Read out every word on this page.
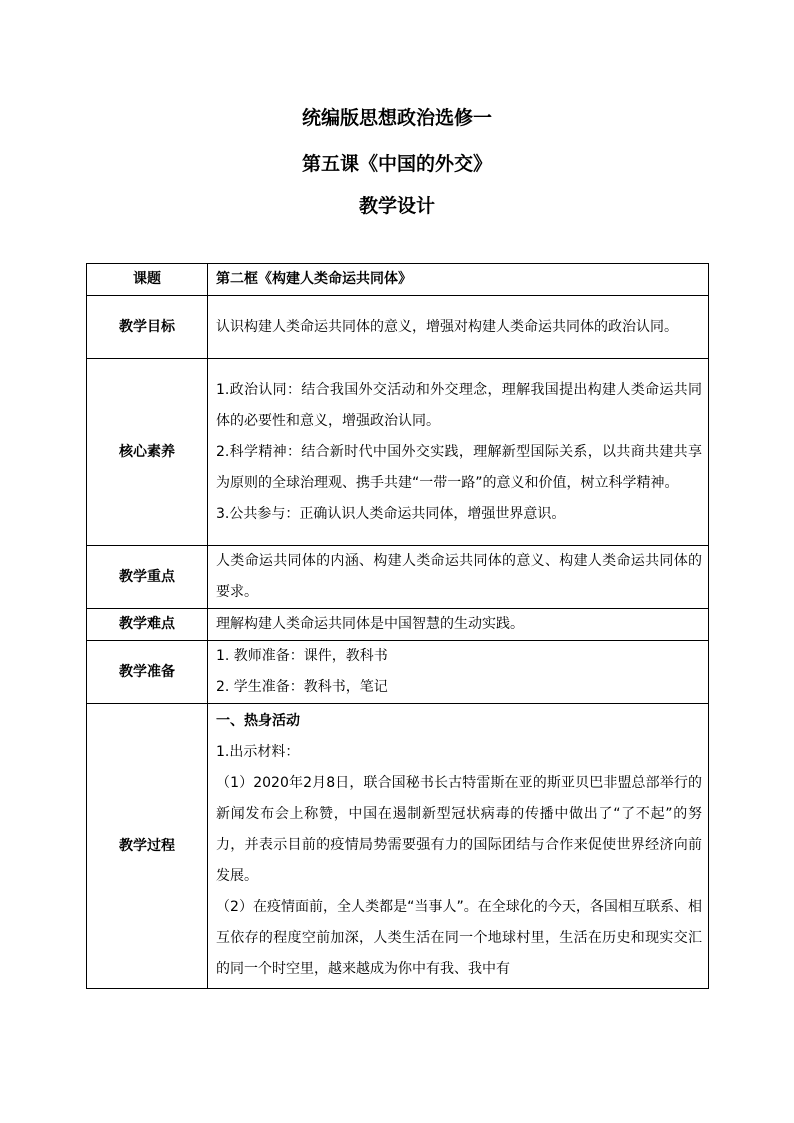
统编版思想政治选修一
第五课《中国的外交》
教学设计
课题	第二框《构建人类命运共同体》
教学目标	认识构建人类命运共同体的意义，增强对构建人类命运共同体的政治认同。
核心素养	1.政治认同：结合我国外交活动和外交理念，理解我国提出构建人类命运共同体的必要性和意义，增强政治认同。

2.科学精神：结合新时代中国外交实践，理解新型国际关系，以共商共建共享为原则的全球治理观、携手共建“一带一路”的意义和价值，树立科学精神。

3.公共参与：正确认识人类命运共同体，增强世界意识。

教学重点	人类命运共同体的内涵、构建人类命运共同体的意义、构建人类命运共同体的要求。
教学难点	理解构建人类命运共同体是中国智慧的生动实践。
教学准备	1. 教师准备：课件，教科书

2. 学生准备：教科书，笔记

教学过程	一、热身活动

1.出示材料：

（1）2020年2月8日，联合国秘书长古特雷斯在亚的斯亚贝巴非盟总部举行的新闻发布会上称赞，中国在遏制新型冠状病毒的传播中做出了“了不起”的努力，并表示目前的疫情局势需要强有力的国际团结与合作来促使世界经济向前发展。

（2）在疫情面前，全人类都是“当事人”。在全球化的今天，各国相互联系、相互依存的程度空前加深，人类生活在同一个地球村里，生活在历史和现实交汇的同一个时空里，越来越成为你中有我、我中有
